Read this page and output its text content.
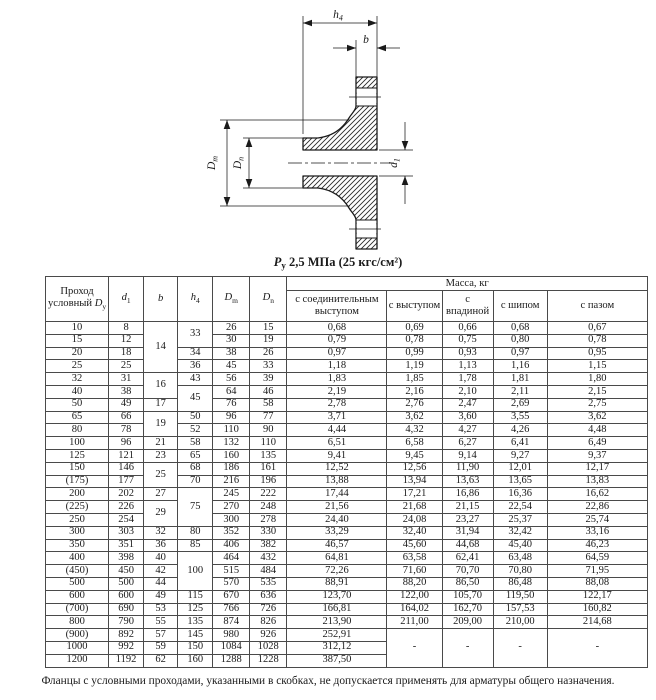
$h_4$
b
$D_m$
$D_n$
$d_1$
$P_у$ 2,5 МПа (25 кгс/см²)
Проход
условный $D_у$	$d_1$	b	$h_4$	$D_m$	$D_n$	Масса, кг				
						с соединительным выступом	с выступом	с впадиной	с шипом	с пазом
10	8	14	33	26	15	0,68	0,69	0,66	0,68	0,67
15	12			30	19	0,79	0,78	0,75	0,80	0,78
20	18		34	38	26	0,97	0,99	0,93	0,97	0,95
25	25		36	45	33	1,18	1,19	1,13	1,16	1,15
32	31	16	43	56	39	1,83	1,85	1,78	1,81	1,80
40	38		45	64	46	2,19	2,16	2,10	2,11	2,15
50	49	17		76	58	2,78	2,76	2,47	2,69	2,75
65	66	19	50	96	77	3,71	3,62	3,60	3,55	3,62
80	78		52	110	90	4,44	4,32	4,27	4,26	4,48
100	96	21	58	132	110	6,51	6,58	6,27	6,41	6,49
125	121	23	65	160	135	9,41	9,45	9,14	9,27	9,37
150	146	25	68	186	161	12,52	12,56	11,90	12,01	12,17
(175)	177		70	216	196	13,88	13,94	13,63	13,65	13,83
200	202	27	75	245	222	17,44	17,21	16,86	16,36	16,62
(225)	226	29		270	248	21,56	21,68	21,15	22,54	22,86
250	254			300	278	24,40	24,08	23,27	25,37	25,74
300	303	32	80	352	330	33,29	32,40	31,94	32,42	33,16
350	351	36	85	406	382	46,57	45,60	44,68	45,40	46,23
400	398	40	100	464	432	64,81	63,58	62,41	63,48	64,59
(450)	450	42		515	484	72,26	71,60	70,70	70,80	71,95
500	500	44		570	535	88,91	88,20	86,50	86,48	88,08
600	600	49	115	670	636	123,70	122,00	105,70	119,50	122,17
(700)	690	53	125	766	726	166,81	164,02	162,70	157,53	160,82
800	790	55	135	874	826	213,90	211,00	209,00	210,00	214,68
(900)	892	57	145	980	926	252,91	-	-	-	-
1000	992	59	150	1084	1028	312,12				
1200	1192	62	160	1288	1228	387,50				
Фланцы с условными проходами, указанными в скобках, не допускается применять для арматуры общего назначения.
